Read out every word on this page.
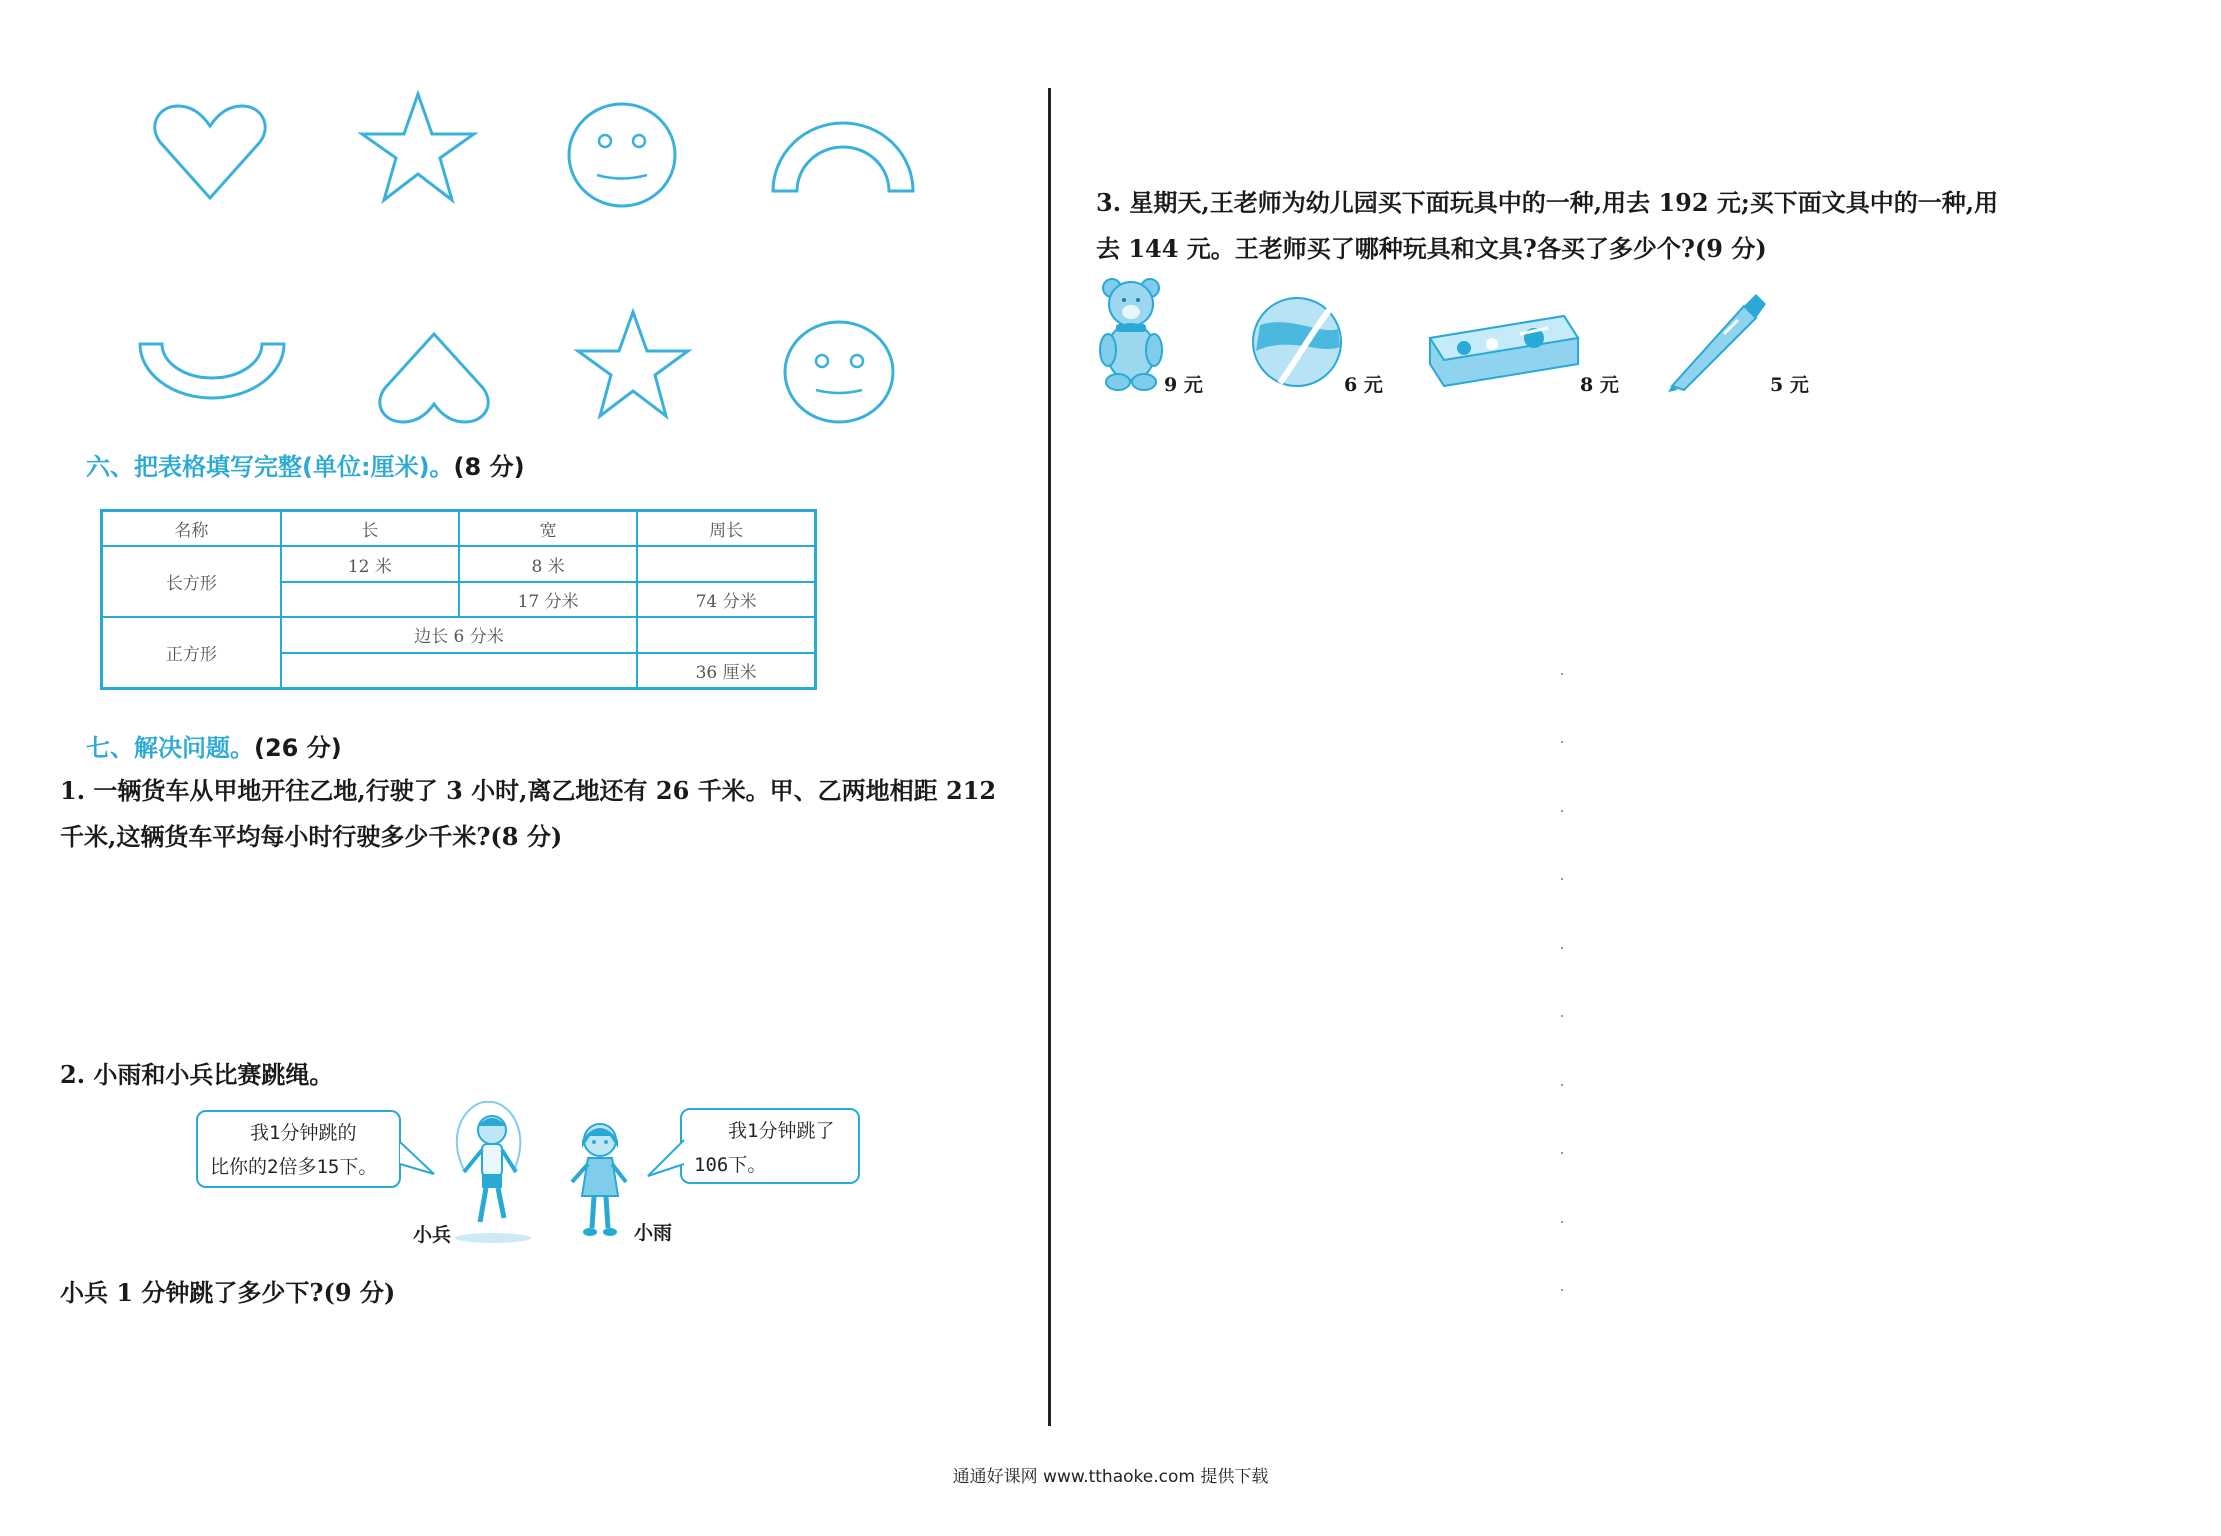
六、把表格填写完整(单位:厘米)。(8 分)
名称	长	宽	周长
长方形	12 米	8 米	
		17 分米	74 分米
正方形	边长 6 分米		
			36 厘米
七、解决问题。(26 分)
1. 一辆货车从甲地开往乙地,行驶了 3 小时,离乙地还有 26 千米。甲、乙两地相距 212
千米,这辆货车平均每小时行驶多少千米?(8 分)
2. 小雨和小兵比赛跳绳。
我1分钟跳的
比你的2倍多15下。
我1分钟跳了
106下。
小兵	小雨
小兵 1 分钟跳了多少下?(9 分)
3. 星期天,王老师为幼儿园买下面玩具中的一种,用去 192 元;买下面文具中的一种,用
去 144 元。王老师买了哪种玩具和文具?各买了多少个?(9 分)
9 元	6 元	8 元	5 元
通通好课网 www.tthaoke.com 提供下载
